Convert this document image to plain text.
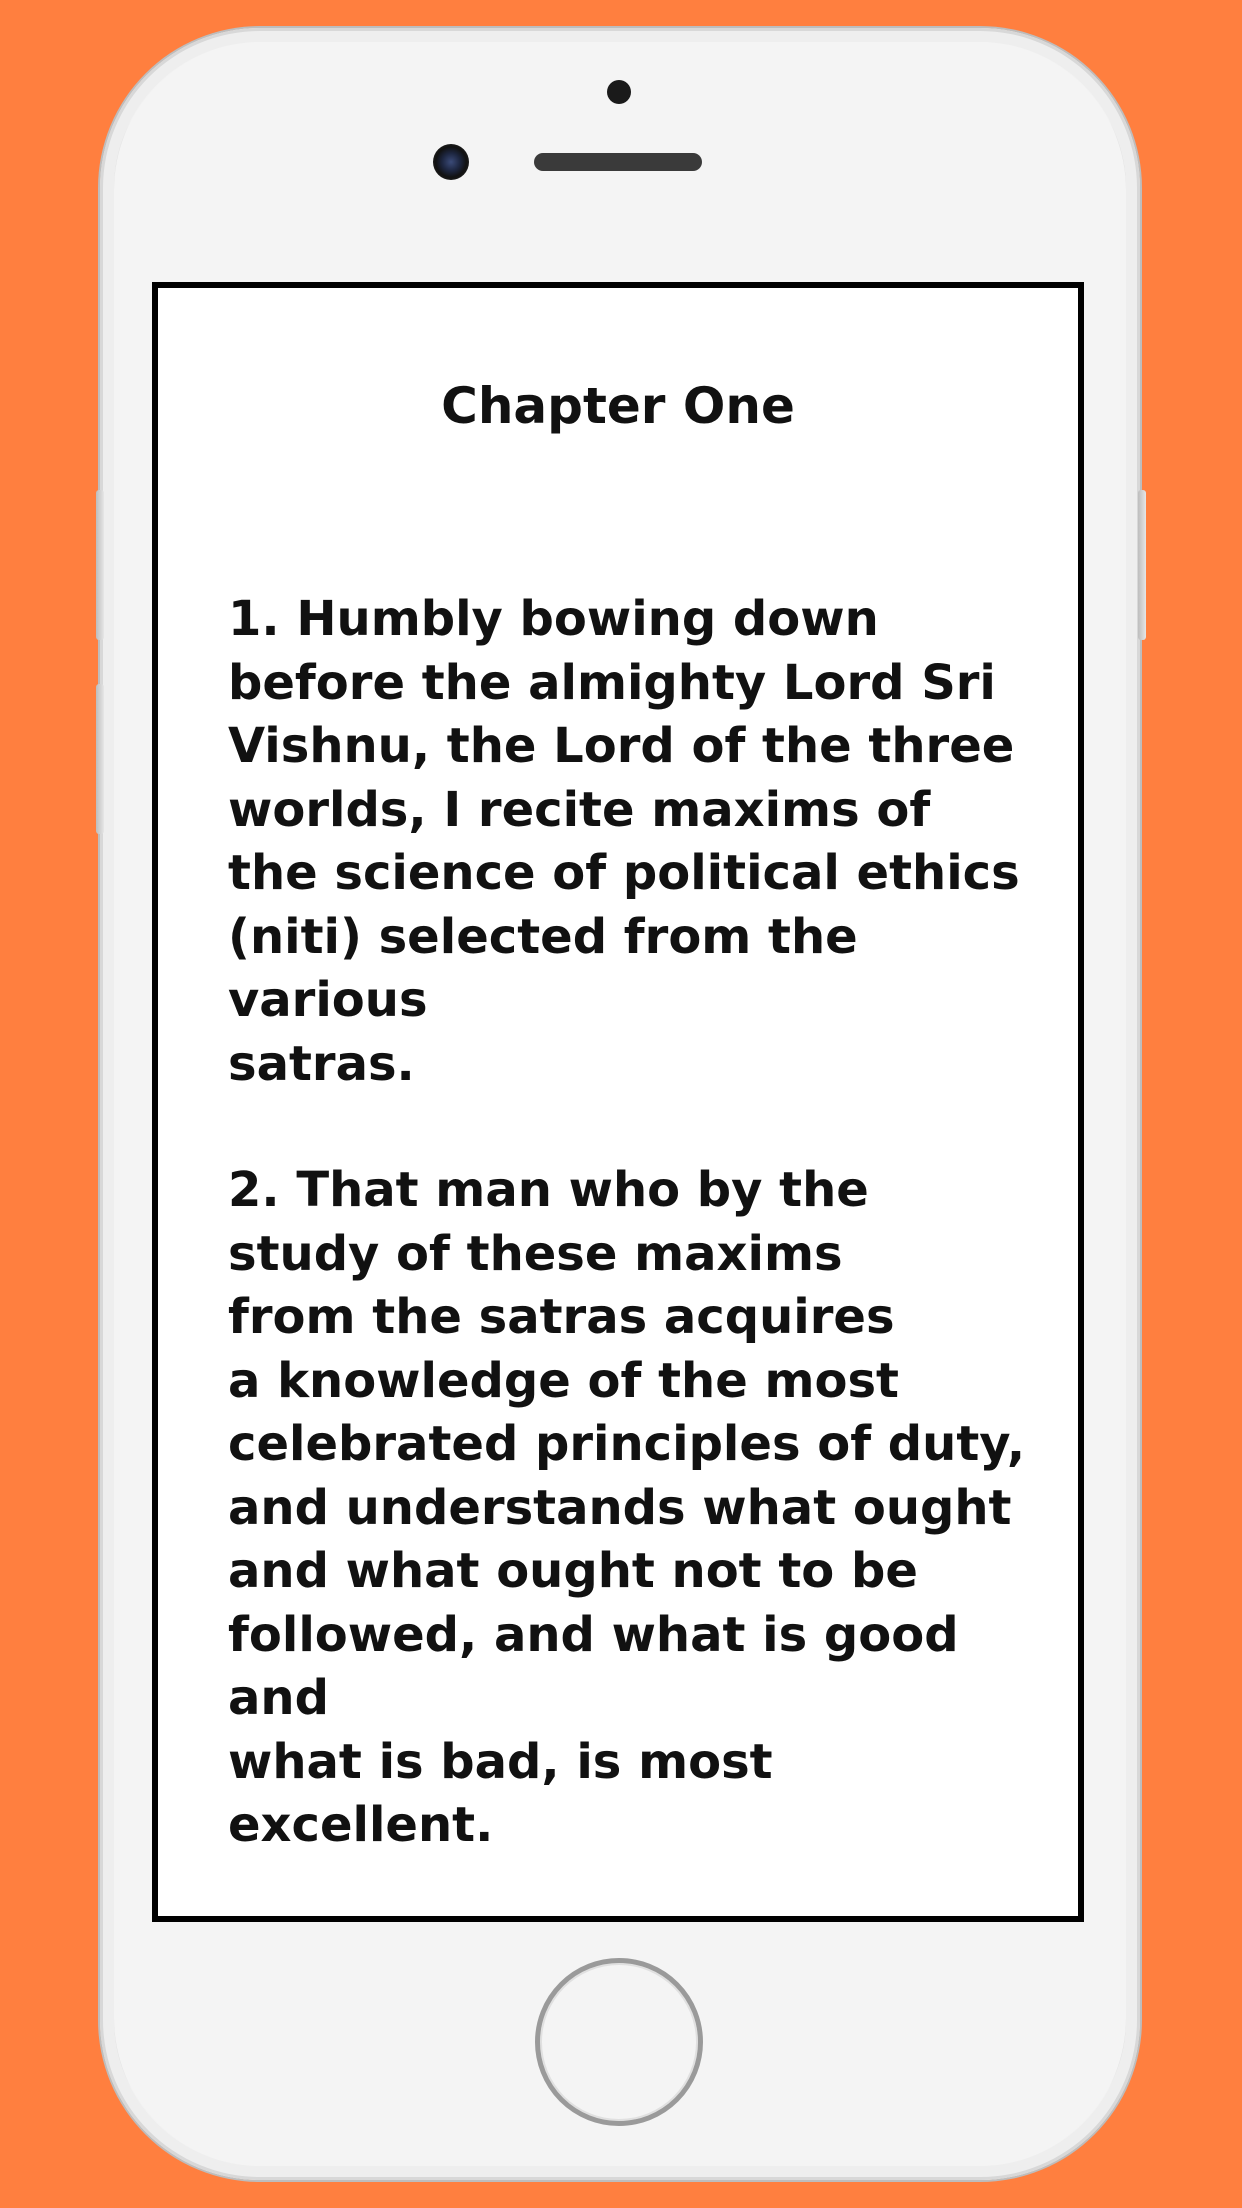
Chapter One
1. Humbly bowing down
before the almighty Lord Sri
Vishnu, the Lord of the three
worlds, I recite maxims of
the science of political ethics
(niti) selected from the various
satras.
2. That man who by the
study of these maxims
from the satras acquires
a knowledge of the most
celebrated principles of duty,
and understands what ought
and what ought not to be
followed, and what is good and
what is bad, is most excellent.
